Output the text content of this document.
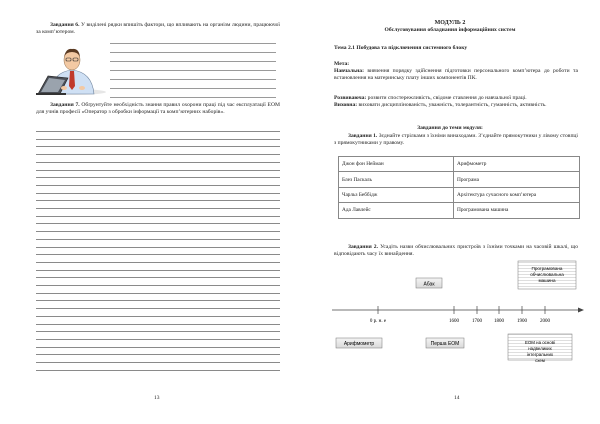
Завдання 6. У виділені рядки впишіть фактори, що впливають на організм людини, працюючої за комп’ютером.

Завдання 7. Обґрунтуйте необхідність знання правил охорони праці під час експлуатації ЕОМ для учнів професії «Оператор з обробки інформації та комп’ютерних наборів».

13

МОДУЛЬ 2

Обслуговування обладнання інформаційних систем

Тема 2.1 Побудова та підключення системного блоку

Мета:

Навчальна: вивчення порядку здійснення підготовки персонального комп’ютера до роботи та встановлення на материнську плату інших компонентів ПК.

Розвиваюча: розвити спостережливість, свідоме ставлення до навчальної праці.

Виховна: виховати дисциплінованість, уважність, толерантність, гуманність, активність.

Завдання до теми модуля:

Завдання 1. Зєднайте стрілками з їхніми винаходами. З’єднайте прямокутники у лівому стовпці з прямокутниками у правому.

Джон фон Нейман	Арифмометр
Блез Паскаль	Програма
Чарльз Беббідж	Архітектура сучасного комп’ютера
Ада Лавлейс	Програмована машина

Завдання 2. Усадіть назви обчислювальних пристроїв з їхніми точками на часовій шкалі, що відповідають часу їх винайдення.

Абак
Програмована обчислювальна машина
0 р. н. е	1600	1700 1800	1900	2000
Арифмометр	Перша ЕОМ	ЕОМ на основі надвеликих інтегральних схем
14
